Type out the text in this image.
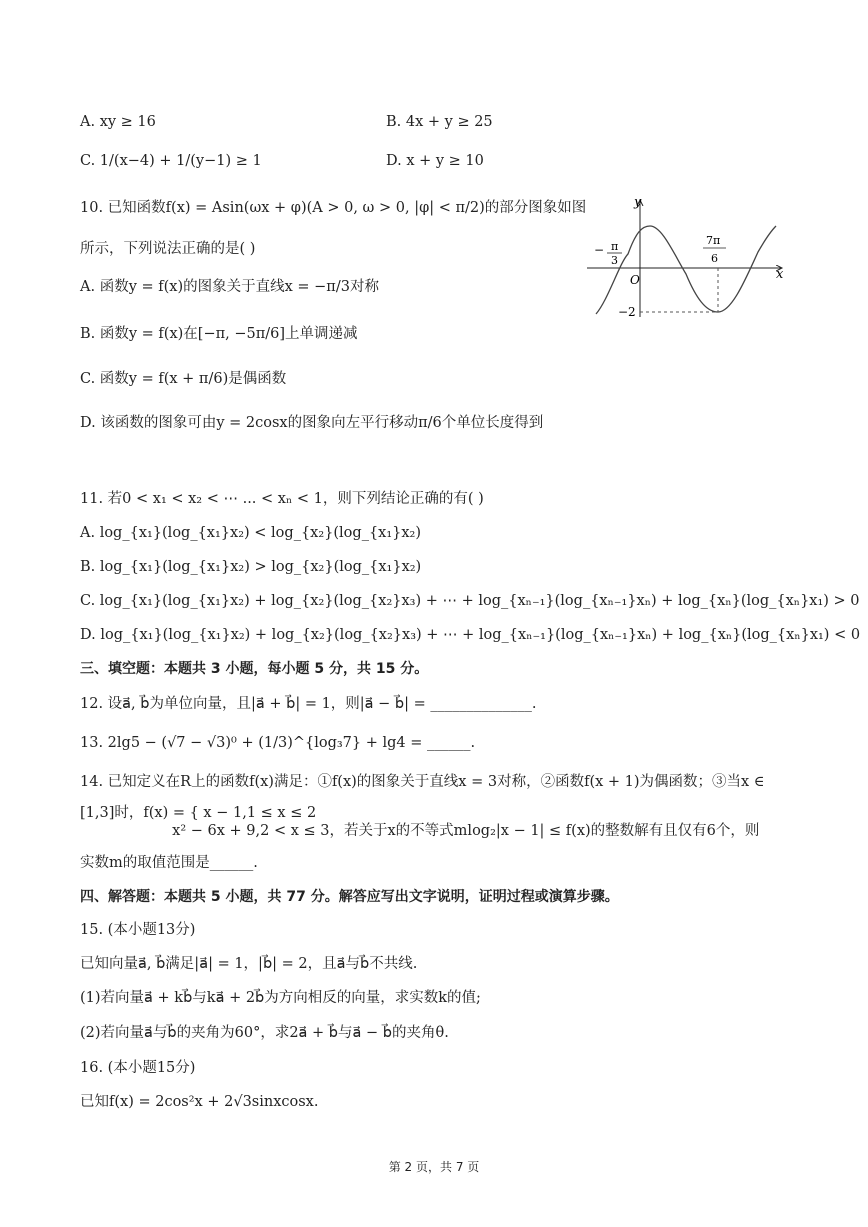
A. xy ≥ 16	B. 4x + y ≥ 25
C. 1/(x−4) + 1/(y−1) ≥ 1	D. x + y ≥ 10
10. 已知函数f(x) = Asin(ωx + φ)(A > 0, ω > 0, |φ| < π/2)的部分图象如图
所示，下列说法正确的是( )
A. 函数y = f(x)的图象关于直线x = −π/3对称
B. 函数y = f(x)在[−π, −5π/6]上单调递减
C. 函数y = f(x + π/6)是偶函数
D. 该函数的图象可由y = 2cosx的图象向左平行移动π/6个单位长度得到
y
x
O
− π
3
7π
6
−2
11. 若0 < x₁ < x₂ < ⋯ ... < xₙ < 1，则下列结论正确的有( )
A. log_{x₁}(log_{x₁}x₂) < log_{x₂}(log_{x₁}x₂)
B. log_{x₁}(log_{x₁}x₂) > log_{x₂}(log_{x₁}x₂)
C. log_{x₁}(log_{x₁}x₂) + log_{x₂}(log_{x₂}x₃) + ⋯ + log_{xₙ₋₁}(log_{xₙ₋₁}xₙ) + log_{xₙ}(log_{xₙ}x₁) > 0
D. log_{x₁}(log_{x₁}x₂) + log_{x₂}(log_{x₂}x₃) + ⋯ + log_{xₙ₋₁}(log_{xₙ₋₁}xₙ) + log_{xₙ}(log_{xₙ}x₁) < 0
三、填空题：本题共 3 小题，每小题 5 分，共 15 分。
12. 设a⃗, b⃗为单位向量，且|a⃗ + b⃗| = 1，则|a⃗ − b⃗| = ______________.
13. 2lg5 − (√7 − √3)⁰ + (1/3)^{log₃7} + lg4 = ______.
14. 已知定义在R上的函数f(x)满足：①f(x)的图象关于直线x = 3对称，②函数f(x + 1)为偶函数；③当x ∈
[1,3]时，f(x) = { x − 1,1 ≤ x ≤ 2
x² − 6x + 9,2 < x ≤ 3，若关于x的不等式mlog₂|x − 1| ≤ f(x)的整数解有且仅有6个，则
实数m的取值范围是______.
四、解答题：本题共 5 小题，共 77 分。解答应写出文字说明，证明过程或演算步骤。
15. (本小题13分)
已知向量a⃗, b⃗满足|a⃗| = 1，|b⃗| = 2，且a⃗与b⃗不共线.
(1)若向量a⃗ + kb⃗与ka⃗ + 2b⃗为方向相反的向量，求实数k的值;
(2)若向量a⃗与b⃗的夹角为60°，求2a⃗ + b⃗与a⃗ − b⃗的夹角θ.
16. (本小题15分)
已知f(x) = 2cos²x + 2√3sinxcosx.
第 2 页，共 7 页
